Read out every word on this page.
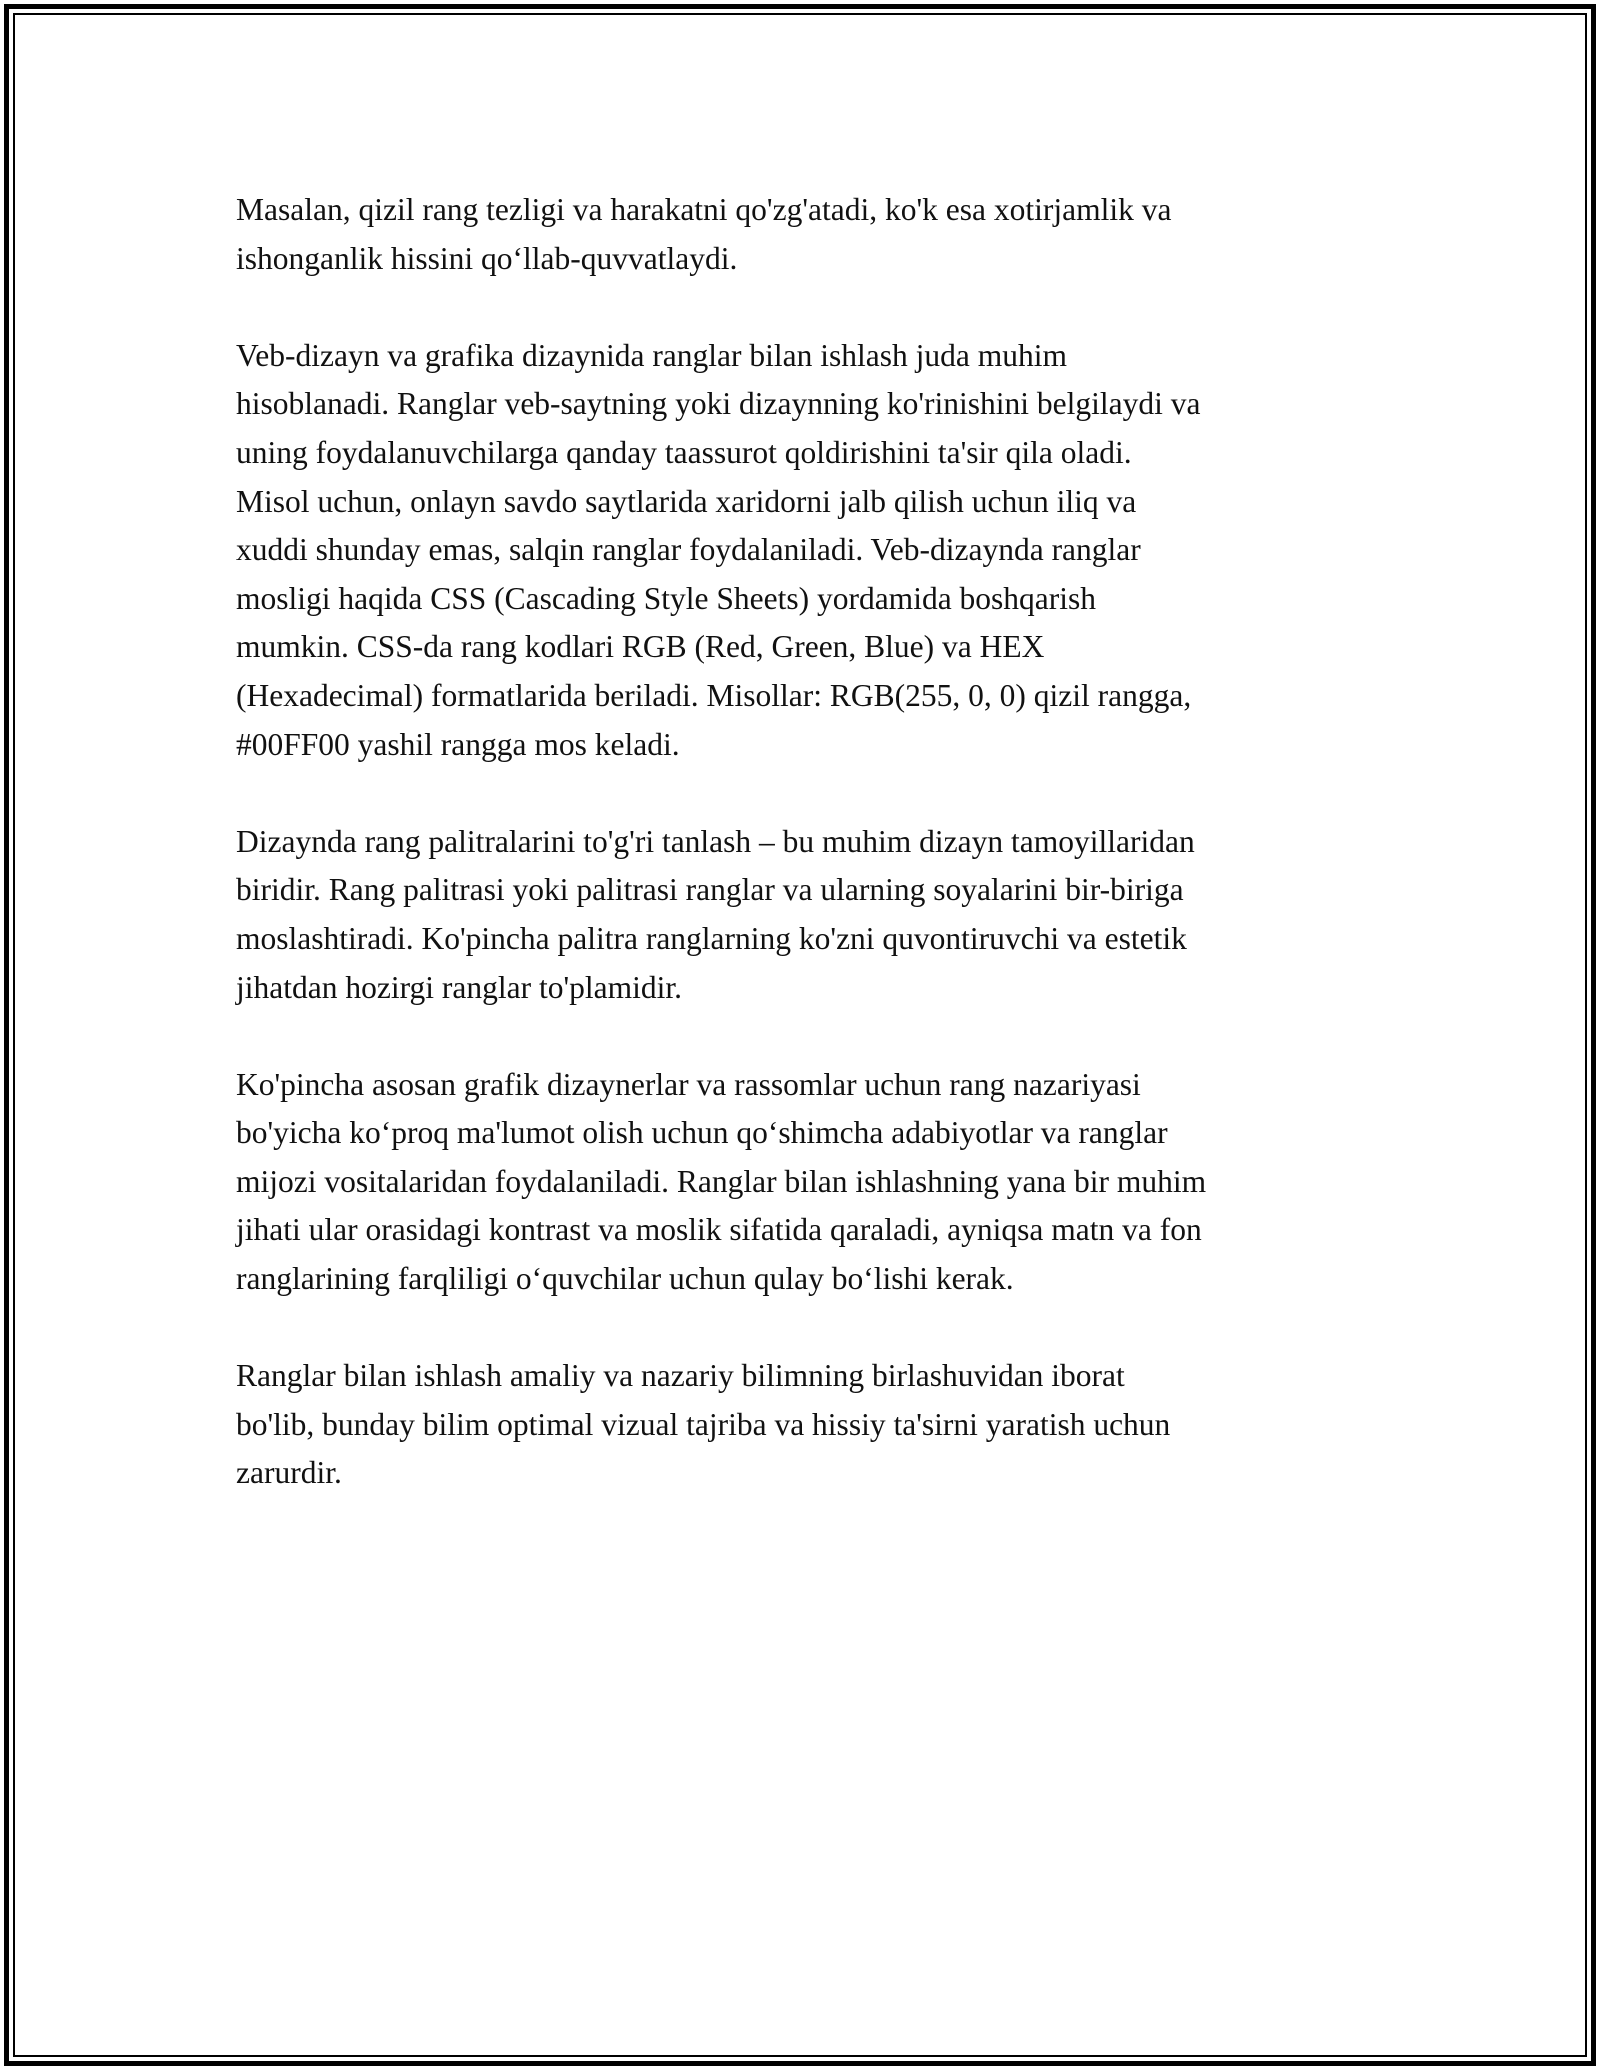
Masalan, qizil rang tezligi va harakatni qo'zg'atadi, ko'k esa xotirjamlik va
ishonganlik hissini qo‘llab-quvvatlaydi.

Veb-dizayn va grafika dizaynida ranglar bilan ishlash juda muhim
hisoblanadi. Ranglar veb-saytning yoki dizaynning ko'rinishini belgilaydi va
uning foydalanuvchilarga qanday taassurot qoldirishini ta'sir qila oladi.
Misol uchun, onlayn savdo saytlarida xaridorni jalb qilish uchun iliq va
xuddi shunday emas, salqin ranglar foydalaniladi. Veb-dizaynda ranglar
mosligi haqida CSS (Cascading Style Sheets) yordamida boshqarish
mumkin. CSS-da rang kodlari RGB (Red, Green, Blue) va HEX
(Hexadecimal) formatlarida beriladi. Misollar: RGB(255, 0, 0) qizil rangga,
#00FF00 yashil rangga mos keladi.

Dizaynda rang palitralarini to'g'ri tanlash – bu muhim dizayn tamoyillaridan
biridir. Rang palitrasi yoki palitrasi ranglar va ularning soyalarini bir-biriga
moslashtiradi. Ko'pincha palitra ranglarning ko'zni quvontiruvchi va estetik
jihatdan hozirgi ranglar to'plamidir.

Ko'pincha asosan grafik dizaynerlar va rassomlar uchun rang nazariyasi
bo'yicha ko‘proq ma'lumot olish uchun qo‘shimcha adabiyotlar va ranglar
mijozi vositalaridan foydalaniladi. Ranglar bilan ishlashning yana bir muhim
jihati ular orasidagi kontrast va moslik sifatida qaraladi, ayniqsa matn va fon
ranglarining farqliligi o‘quvchilar uchun qulay bo‘lishi kerak.

Ranglar bilan ishlash amaliy va nazariy bilimning birlashuvidan iborat
bo'lib, bunday bilim optimal vizual tajriba va hissiy ta'sirni yaratish uchun
zarurdir.
